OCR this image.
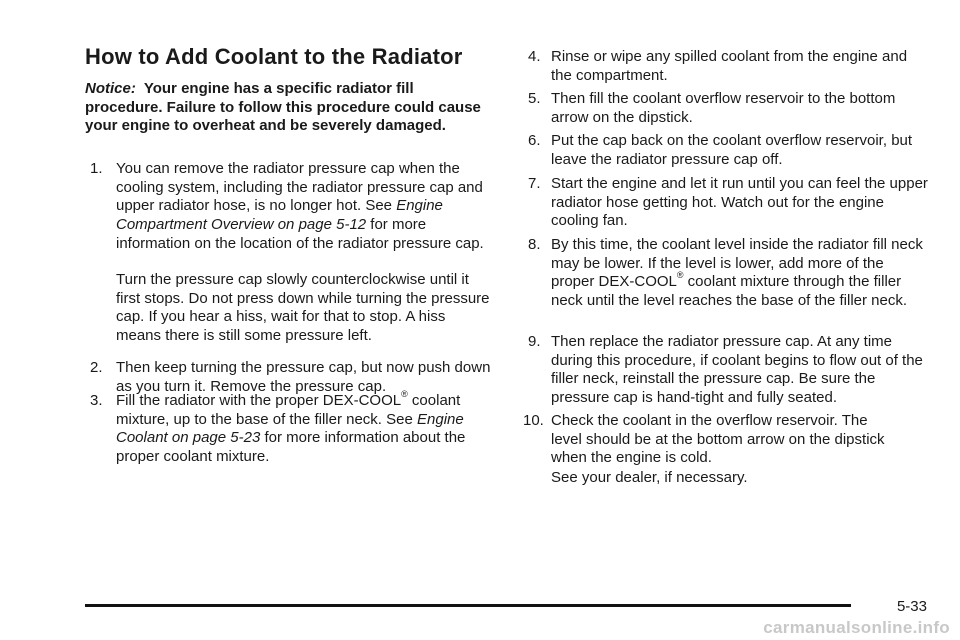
How to Add Coolant to the Radiator
Notice: Your engine has a specific radiator fill procedure. Failure to follow this procedure could cause your engine to overheat and be severely damaged.
1. You can remove the radiator pressure cap when the cooling system, including the radiator pressure cap and upper radiator hose, is no longer hot. See Engine Compartment Overview on page 5-12 for more information on the location of the radiator pressure cap.
Turn the pressure cap slowly counterclockwise until it first stops. Do not press down while turning the pressure cap. If you hear a hiss, wait for that to stop. A hiss means there is still some pressure left.
2. Then keep turning the pressure cap, but now push down as you turn it. Remove the pressure cap.
3. Fill the radiator with the proper DEX-COOL® coolant mixture, up to the base of the filler neck. See Engine Coolant on page 5-23 for more information about the proper coolant mixture.
4. Rinse or wipe any spilled coolant from the engine and the compartment.
5. Then fill the coolant overflow reservoir to the bottom arrow on the dipstick.
6. Put the cap back on the coolant overflow reservoir, but leave the radiator pressure cap off.
7. Start the engine and let it run until you can feel the upper radiator hose getting hot. Watch out for the engine cooling fan.
8. By this time, the coolant level inside the radiator fill neck may be lower. If the level is lower, add more of the proper DEX-COOL® coolant mixture through the filler neck until the level reaches the base of the filler neck.
9. Then replace the radiator pressure cap. At any time during this procedure, if coolant begins to flow out of the filler neck, reinstall the pressure cap. Be sure the pressure cap is hand-tight and fully seated.
10. Check the coolant in the overflow reservoir. The level should be at the bottom arrow on the dipstick when the engine is cold.
See your dealer, if necessary.
5-33
carmanualsonline.info
